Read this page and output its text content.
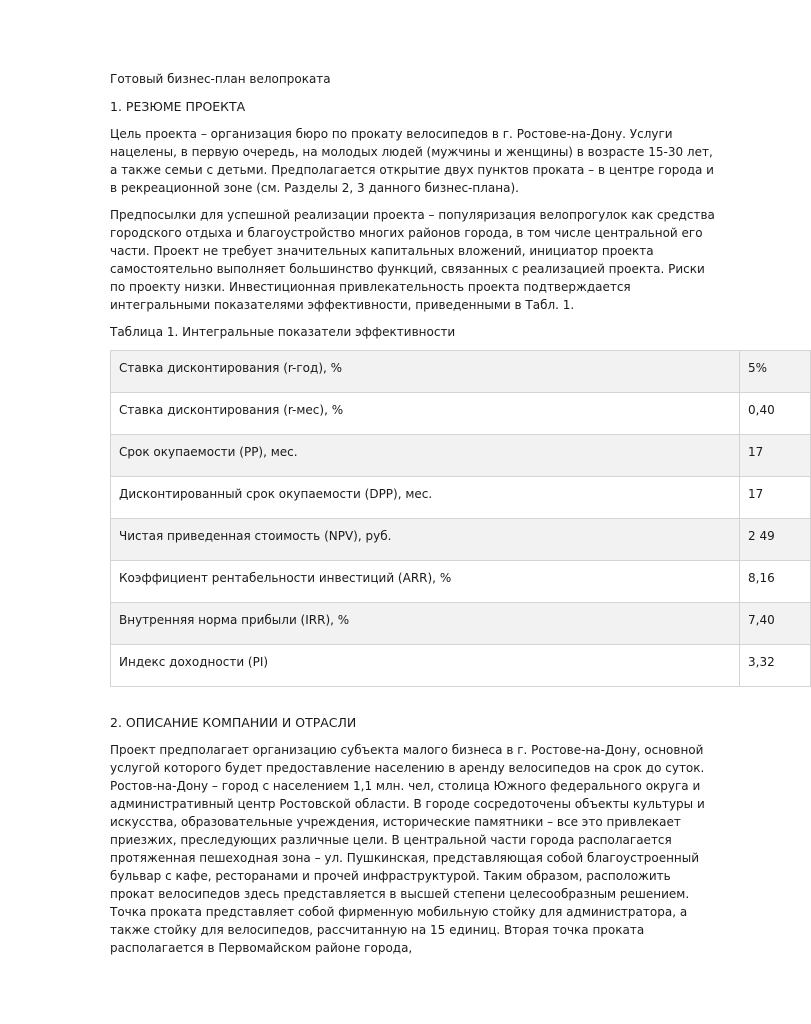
Готовый бизнес-план велопроката
1. РЕЗЮМЕ ПРОЕКТА

Цель проекта – организация бюро по прокату велосипедов в г. Ростове-на-Дону. Услуги нацелены, в первую очередь, на молодых людей (мужчины и женщины) в возрасте 15-30 лет, а также семьи с детьми. Предполагается открытие двух пунктов проката – в центре города и в рекреационной зоне (см. Разделы 2, 3 данного бизнес-плана).

Предпосылки для успешной реализации проекта – популяризация велопрогулок как средства городского отдыха и благоустройство многих районов города, в том числе центральной его части. Проект не требует значительных капитальных вложений, инициатор проекта самостоятельно выполняет большинство функций, связанных с реализацией проекта. Риски по проекту низки. Инвестиционная привлекательность проекта подтверждается интегральными показателями эффективности, приведенными в Табл. 1.

Таблица 1. Интегральные показатели эффективности
Ставка дисконтирования (r-год), %	5%
Ставка дисконтирования (r-мес), %	0,40
Срок окупаемости (PP), мес.	17
Дисконтированный срок окупаемости (DPP), мес.	17
Чистая приведенная стоимость (NPV), руб.	2 49
Коэффициент рентабельности инвестиций (ARR), %	8,16
Внутренняя норма прибыли (IRR), %	7,40
Индекс доходности (PI)	3,32
2. ОПИСАНИЕ КОМПАНИИ И ОТРАСЛИ

Проект предполагает организацию субъекта малого бизнеса в г. Ростове-на-Дону, основной услугой которого будет предоставление населению в аренду велосипедов на срок до суток. Ростов-на-Дону – город с населением 1,1 млн. чел, столица Южного федерального округа и административный центр Ростовской области. В городе сосредоточены объекты культуры и искусства, образовательные учреждения, исторические памятники – все это привлекает приезжих, преследующих различные цели. В центральной части города располагается протяженная пешеходная зона – ул. Пушкинская, представляющая собой благоустроенный бульвар с кафе, ресторанами и прочей инфраструктурой. Таким образом, расположить прокат велосипедов здесь представляется в высшей степени целесообразным решением. Точка проката представляет собой фирменную мобильную стойку для администратора, а также стойку для велосипедов, рассчитанную на 15 единиц. Вторая точка проката располагается в Первомайском районе города,
